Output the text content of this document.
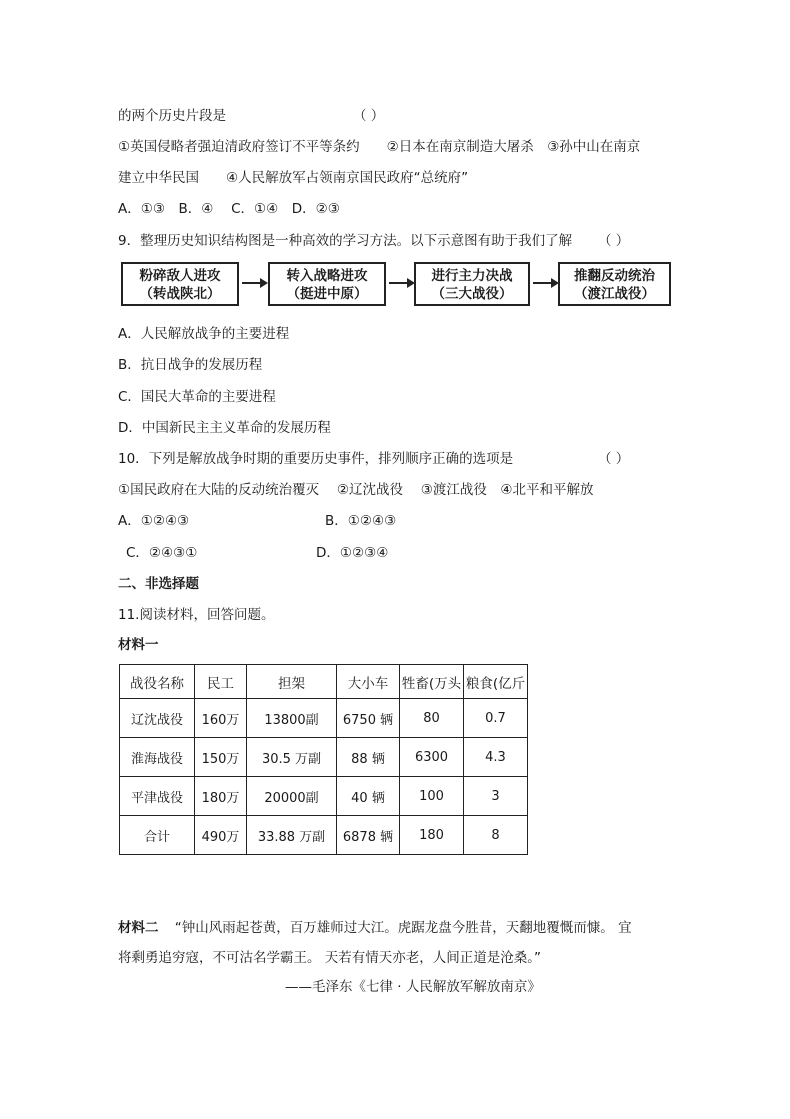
的两个历史片段是	（ ）
①英国侵略者强迫清政府签订不平等条约　　②日本在南京制造大屠杀　③孙中山在南京
建立中华民国　　④人民解放军占领南京国民政府“总统府”
A．①③　B．④　 C．①④　D．②③
9．整理历史知识结构图是一种高效的学习方法。以下示意图有助于我们了解 （ ）
粉碎敌人进攻
（转战陕北）
转入战略进攻
（挺进中原）
进行主力决战
（三大战役）
推翻反动统治
（渡江战役）
A．人民解放战争的主要进程
B．抗日战争的发展历程
C．国民大革命的主要进程
D．中国新民主主义革命的发展历程
10．下列是解放战争时期的重要历史事件，排列顺序正确的选项是	（ ）
①国民政府在大陆的反动统治覆灭　 ②辽沈战役　 ③渡江战役　④北平和平解放
A．①②④③	B．①②④③
C．②④③①	D．①②③④
二、非选择题
11.阅读材料，回答问题。
材料一
战役名称	民工	担架	大小车	牲畜(万头	粮食(亿斤
辽沈战役	160万	13800副	6750 辆	80	0.7
淮海战役	150万	30.5 万副	88 辆	6300	4.3
平津战役	180万	20000副	40 辆	100	3
合计	490万	33.88 万副	6878 辆	180	8
材料二 “钟山风雨起苍黄，百万雄师过大江。虎踞龙盘今胜昔，天翻地覆慨而慷。 宜
将剩勇追穷寇，不可沽名学霸王。 天若有情天亦老，人间正道是沧桑。”
——毛泽东《七律 · 人民解放军解放南京》
